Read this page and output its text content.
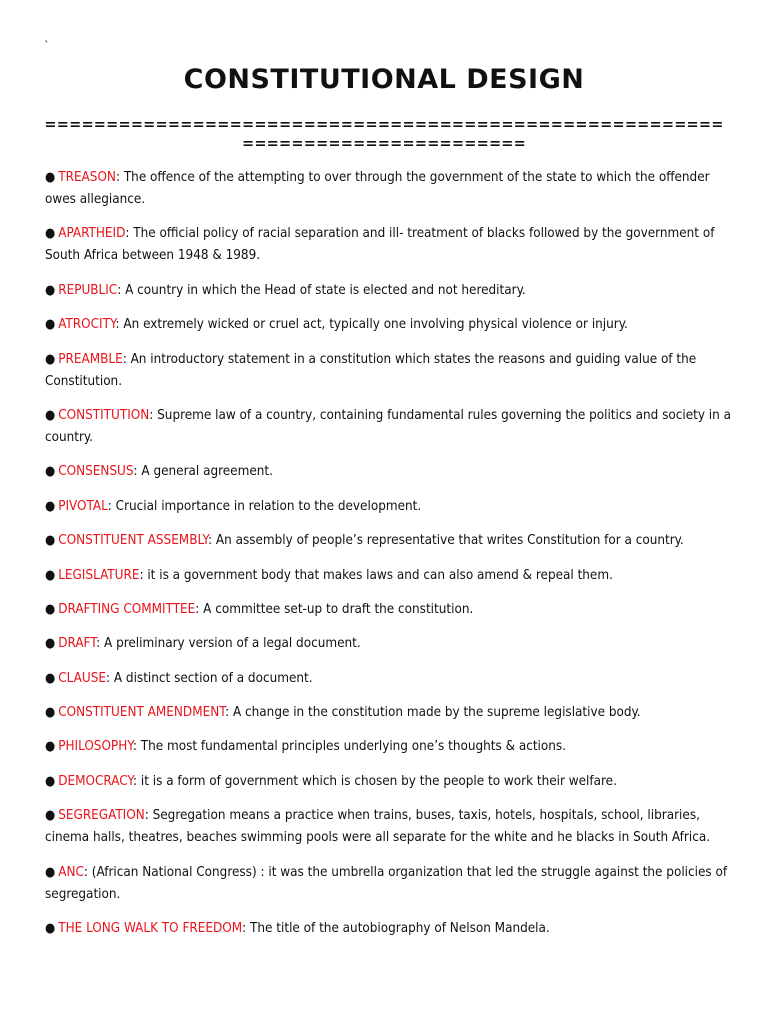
`
CONSTITUTIONAL DESIGN
=======================================================
=======================
● TREASON: The offence of the attempting to over through the government of the state to which the offender owes allegiance.
● APARTHEID: The official policy of racial separation and ill- treatment of blacks followed by the government of South Africa between 1948 & 1989.
● REPUBLIC: A country in which the Head of state is elected and not hereditary.
● ATROCITY: An extremely wicked or cruel act, typically one involving physical violence or injury.
● PREAMBLE: An introductory statement in a constitution which states the reasons and guiding value of the Constitution.
● CONSTITUTION: Supreme law of a country, containing fundamental rules governing the politics and society in a country.
● CONSENSUS: A general agreement.
● PIVOTAL: Crucial importance in relation to the development.
● CONSTITUENT ASSEMBLY: An assembly of people’s representative that writes Constitution for a country.
● LEGISLATURE: it is a government body that makes laws and can also amend & repeal them.
● DRAFTING COMMITTEE: A committee set-up to draft the constitution.
● DRAFT: A preliminary version of a legal document.
● CLAUSE: A distinct section of a document.
● CONSTITUENT AMENDMENT: A change in the constitution made by the supreme legislative body.
● PHILOSOPHY: The most fundamental principles underlying one’s thoughts & actions.
● DEMOCRACY: it is a form of government which is chosen by the people to work their welfare.
● SEGREGATION: Segregation means a practice when trains, buses, taxis, hotels, hospitals, school, libraries, cinema halls, theatres, beaches swimming pools were all separate for the white and he blacks in South Africa.
● ANC: (African National Congress) : it was the umbrella organization that led the struggle against the policies of segregation.
● THE LONG WALK TO FREEDOM: The title of the autobiography of Nelson Mandela.
